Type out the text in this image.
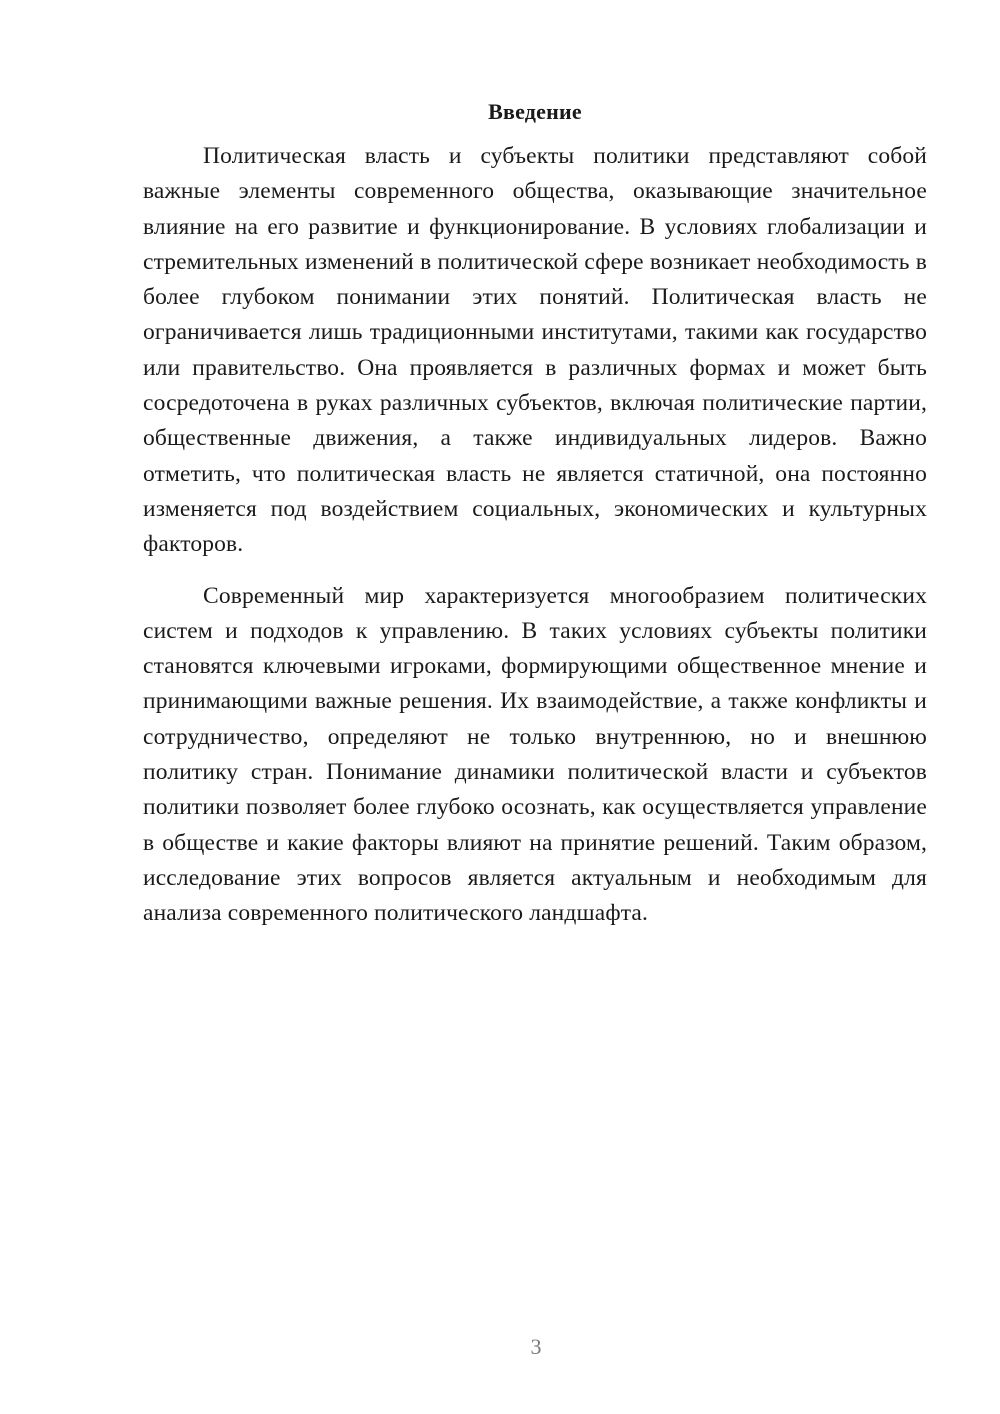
Введение

Политическая власть и субъекты политики представляют собой важные элементы современного общества, оказывающие значительное влияние на его развитие и функционирование. В условиях глобализации и стремительных изменений в политической сфере возникает необходимость в более глубоком понимании этих понятий. Политическая власть не ограничивается лишь традиционными институтами, такими как государство или правительство. Она проявляется в различных формах и может быть сосредоточена в руках различных субъектов, включая политические партии, общественные движения, а также индивидуальных лидеров. Важно отметить, что политическая власть не является статичной, она постоянно изменяется под воздействием социальных, экономических и культурных факторов.

Современный мир характеризуется многообразием политических систем и подходов к управлению. В таких условиях субъекты политики становятся ключевыми игроками, формирующими общественное мнение и принимающими важные решения. Их взаимодействие, а также конфликты и сотрудничество, определяют не только внутреннюю, но и внешнюю политику стран. Понимание динамики политической власти и субъектов политики позволяет более глубоко осознать, как осуществляется управление в обществе и какие факторы влияют на принятие решений. Таким образом, исследование этих вопросов является актуальным и необходимым для анализа современного политического ландшафта.

3
